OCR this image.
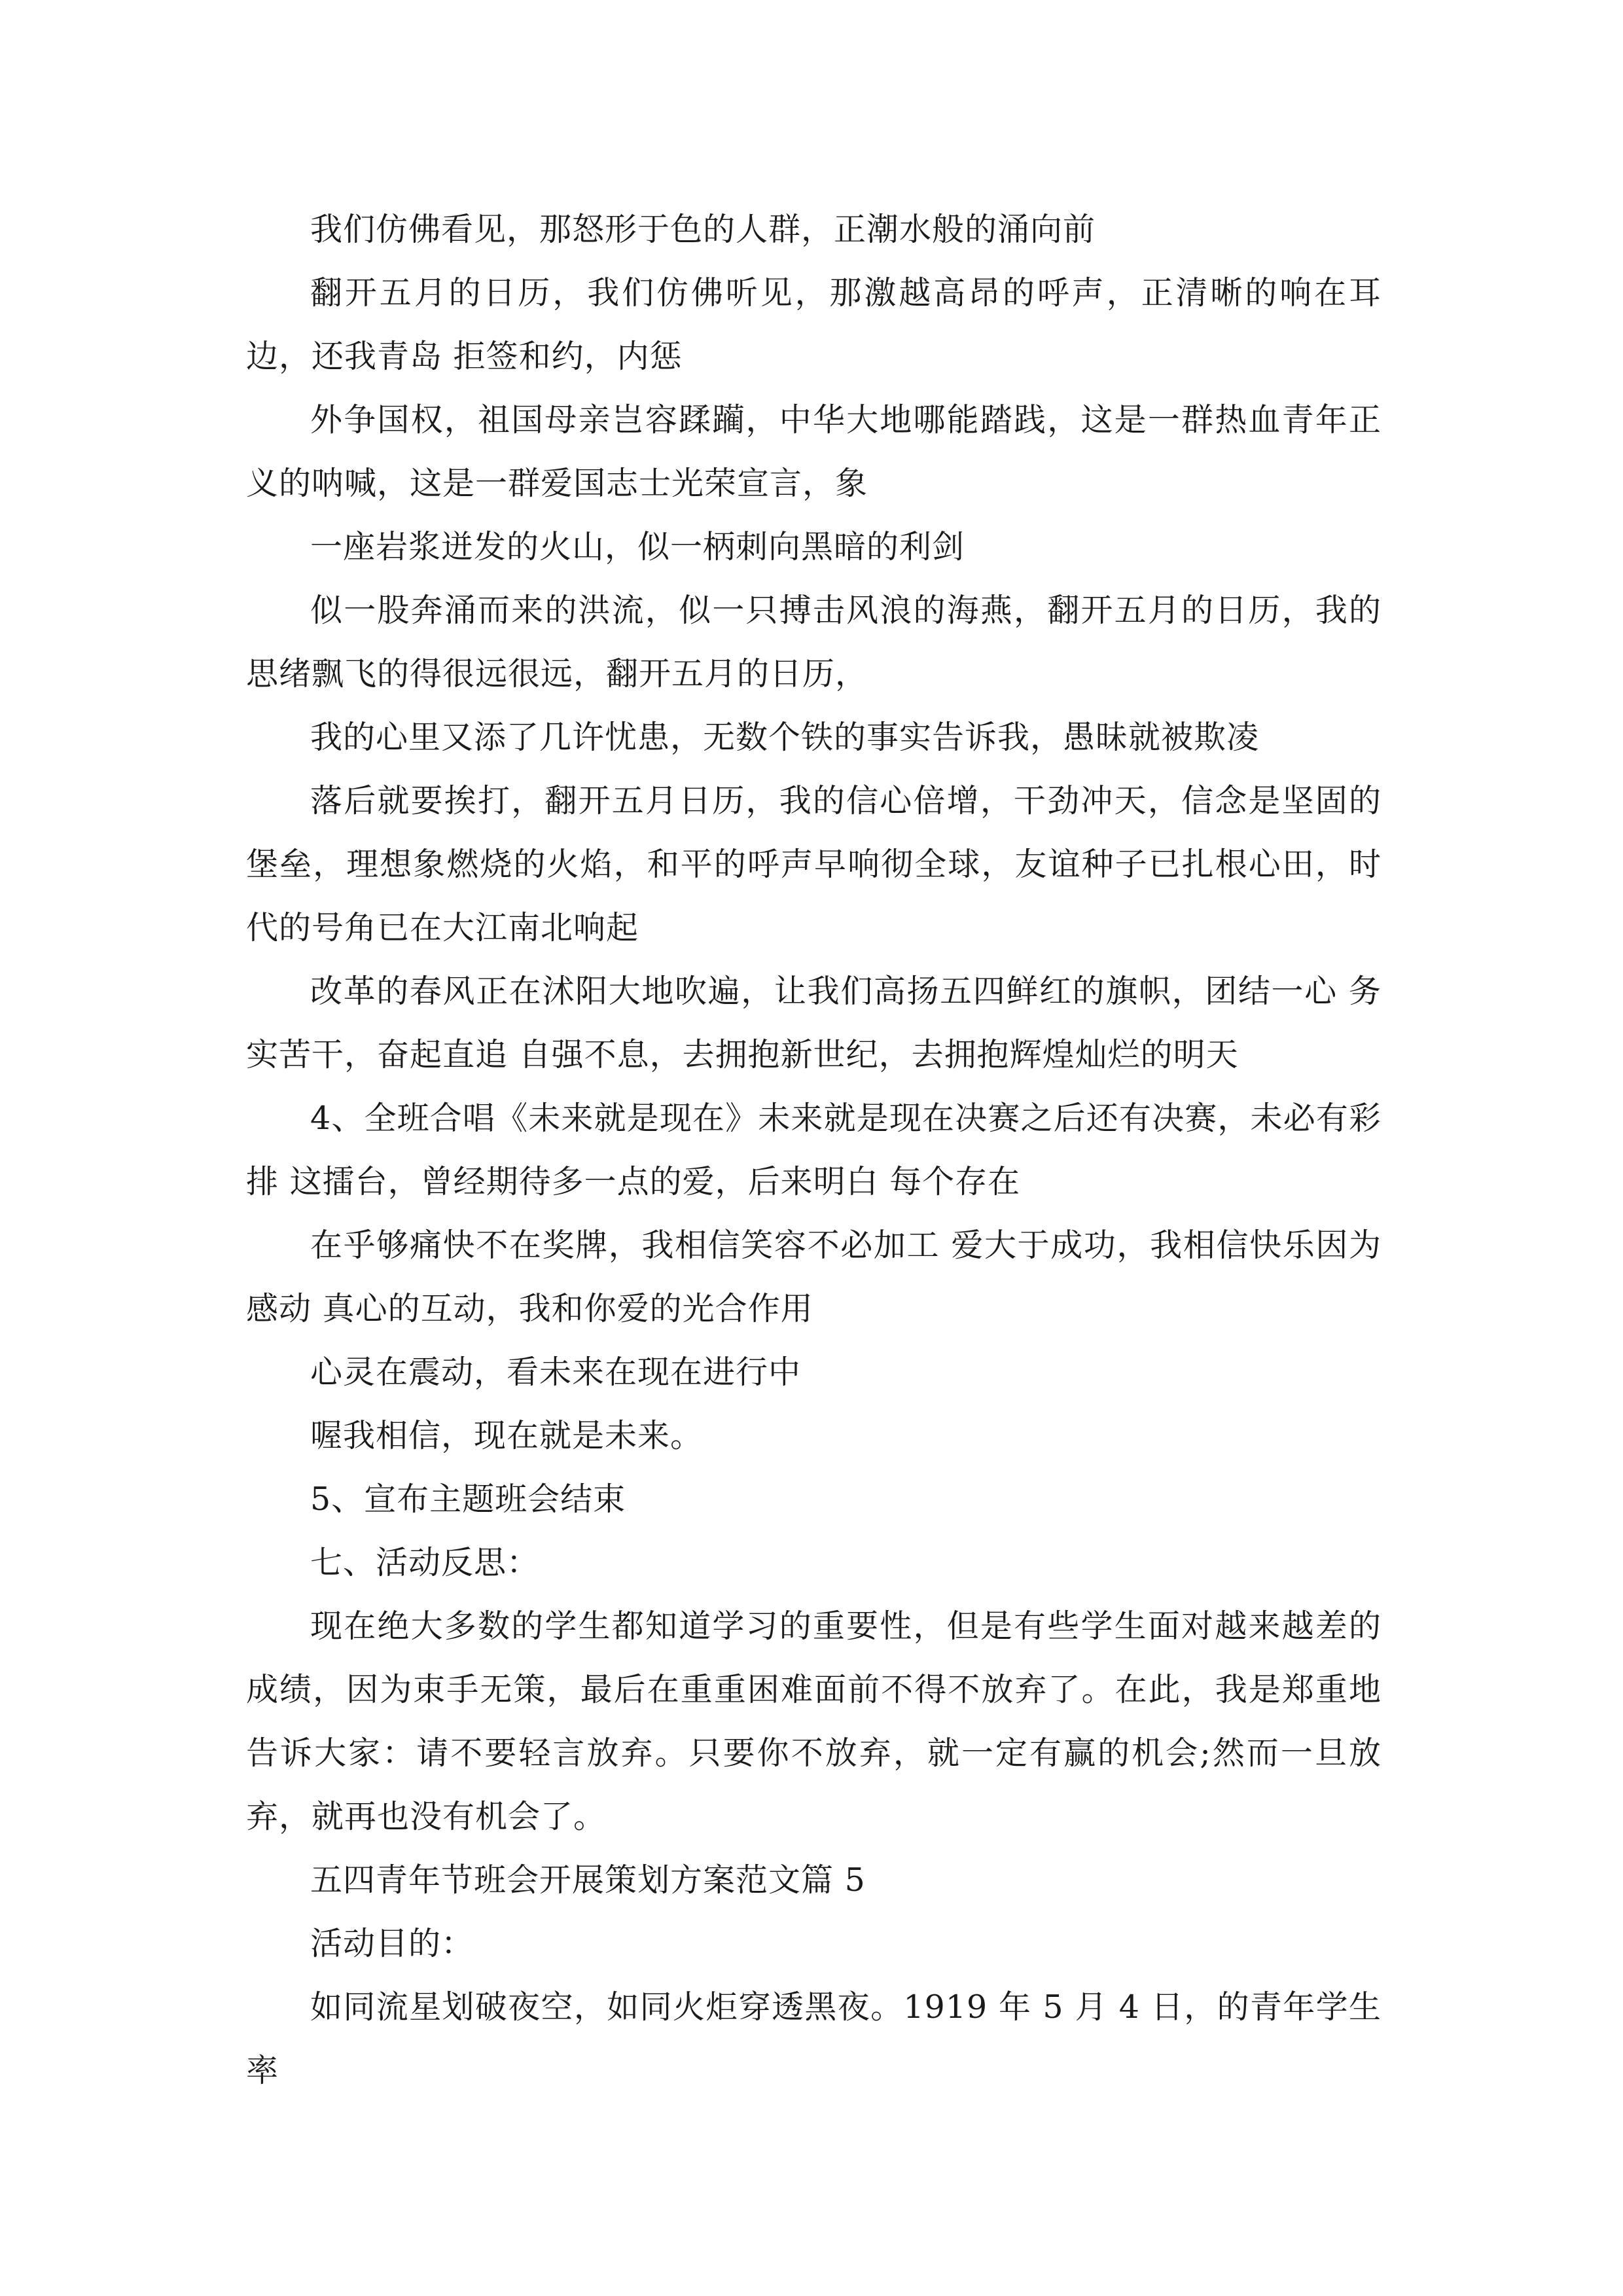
我们仿佛看见，那怒形于色的人群，正潮水般的涌向前

翻开五月的日历，我们仿佛听见，那激越高昂的呼声，正清晰的响在耳边，还我青岛 拒签和约，内惩

外争国权，祖国母亲岂容蹂躏，中华大地哪能踏践，这是一群热血青年正义的呐喊，这是一群爱国志士光荣宣言，象

一座岩浆迸发的火山，似一柄刺向黑暗的利剑

似一股奔涌而来的洪流，似一只搏击风浪的海燕，翻开五月的日历，我的思绪飘飞的得很远很远，翻开五月的日历，

我的心里又添了几许忧患，无数个铁的事实告诉我，愚昧就被欺凌

落后就要挨打，翻开五月日历，我的信心倍增，干劲冲天，信念是坚固的堡垒，理想象燃烧的火焰，和平的呼声早响彻全球，友谊种子已扎根心田，时代的号角已在大江南北响起

改革的春风正在沭阳大地吹遍，让我们高扬五四鲜红的旗帜，团结一心 务实苦干，奋起直追 自强不息，去拥抱新世纪，去拥抱辉煌灿烂的明天

4、全班合唱《未来就是现在》未来就是现在决赛之后还有决赛，未必有彩排 这擂台，曾经期待多一点的爱，后来明白 每个存在

在乎够痛快不在奖牌，我相信笑容不必加工 爱大于成功，我相信快乐因为感动 真心的互动，我和你爱的光合作用

心灵在震动，看未来在现在进行中

喔我相信，现在就是未来。

5、宣布主题班会结束

七、活动反思：

现在绝大多数的学生都知道学习的重要性，但是有些学生面对越来越差的成绩，因为束手无策，最后在重重困难面前不得不放弃了。在此，我是郑重地告诉大家：请不要轻言放弃。只要你不放弃，就一定有赢的机会;然而一旦放弃，就再也没有机会了。

五四青年节班会开展策划方案范文篇 5

活动目的：

如同流星划破夜空，如同火炬穿透黑夜。1919 年 5 月 4 日，的青年学生率
